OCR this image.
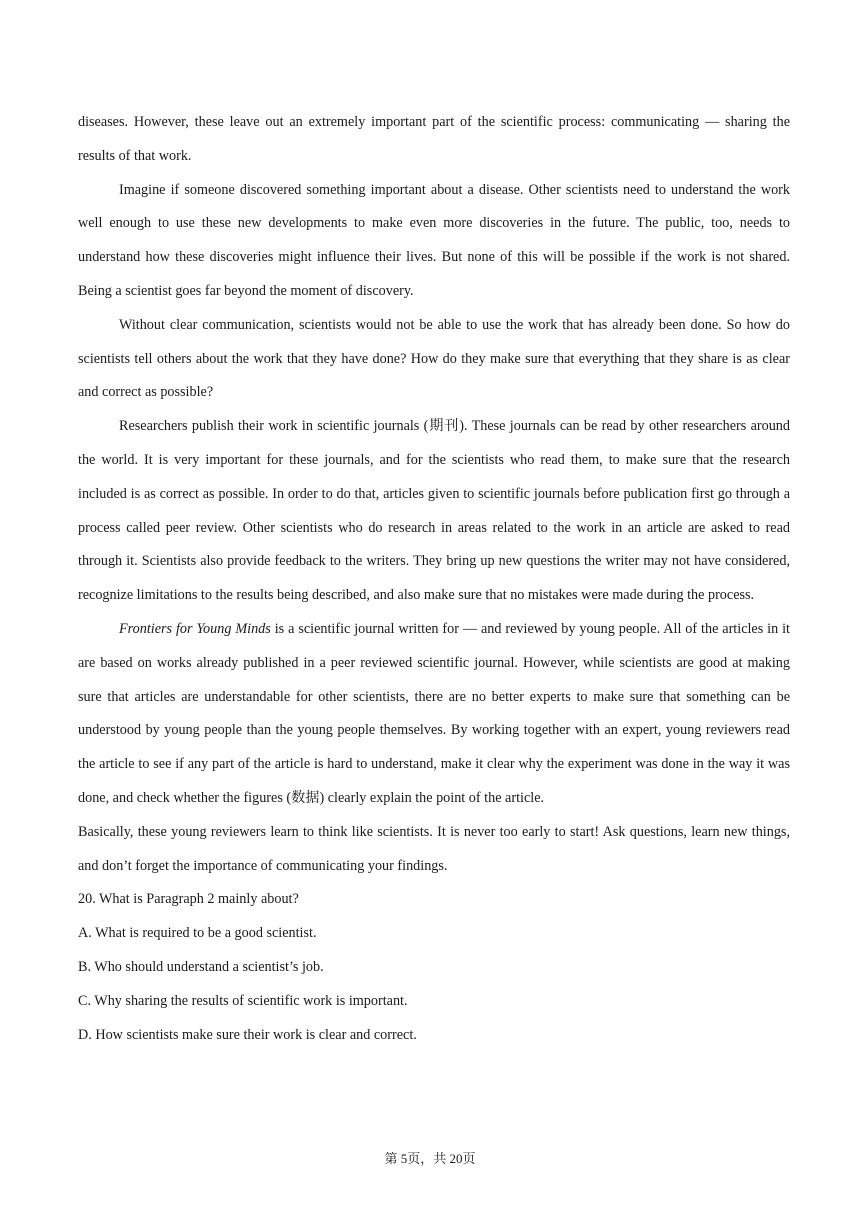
diseases. However, these leave out an extremely important part of the scientific process: communicating — sharing the results of that work.

Imagine if someone discovered something important about a disease. Other scientists need to understand the work well enough to use these new developments to make even more discoveries in the future. The public, too, needs to understand how these discoveries might influence their lives. But none of this will be possible if the work is not shared. Being a scientist goes far beyond the moment of discovery.

Without clear communication, scientists would not be able to use the work that has already been done. So how do scientists tell others about the work that they have done? How do they make sure that everything that they share is as clear and correct as possible?

Researchers publish their work in scientific journals (期刊). These journals can be read by other researchers around the world. It is very important for these journals, and for the scientists who read them, to make sure that the research included is as correct as possible. In order to do that, articles given to scientific journals before publication first go through a process called peer review. Other scientists who do research in areas related to the work in an article are asked to read through it. Scientists also provide feedback to the writers. They bring up new questions the writer may not have considered, recognize limitations to the results being described, and also make sure that no mistakes were made during the process.

Frontiers for Young Minds is a scientific journal written for — and reviewed by young people. All of the articles in it are based on works already published in a peer reviewed scientific journal. However, while scientists are good at making sure that articles are understandable for other scientists, there are no better experts to make sure that something can be understood by young people than the young people themselves. By working together with an expert, young reviewers read the article to see if any part of the article is hard to understand, make it clear why the experiment was done in the way it was done, and check whether the figures (数据) clearly explain the point of the article.

Basically, these young reviewers learn to think like scientists. It is never too early to start! Ask questions, learn new things, and don’t forget the importance of communicating your findings.

20. What is Paragraph 2 mainly about?

A. What is required to be a good scientist.

B. Who should understand a scientist’s job.

C. Why sharing the results of scientific work is important.

D. How scientists make sure their work is clear and correct.

第 5页，共 20页
